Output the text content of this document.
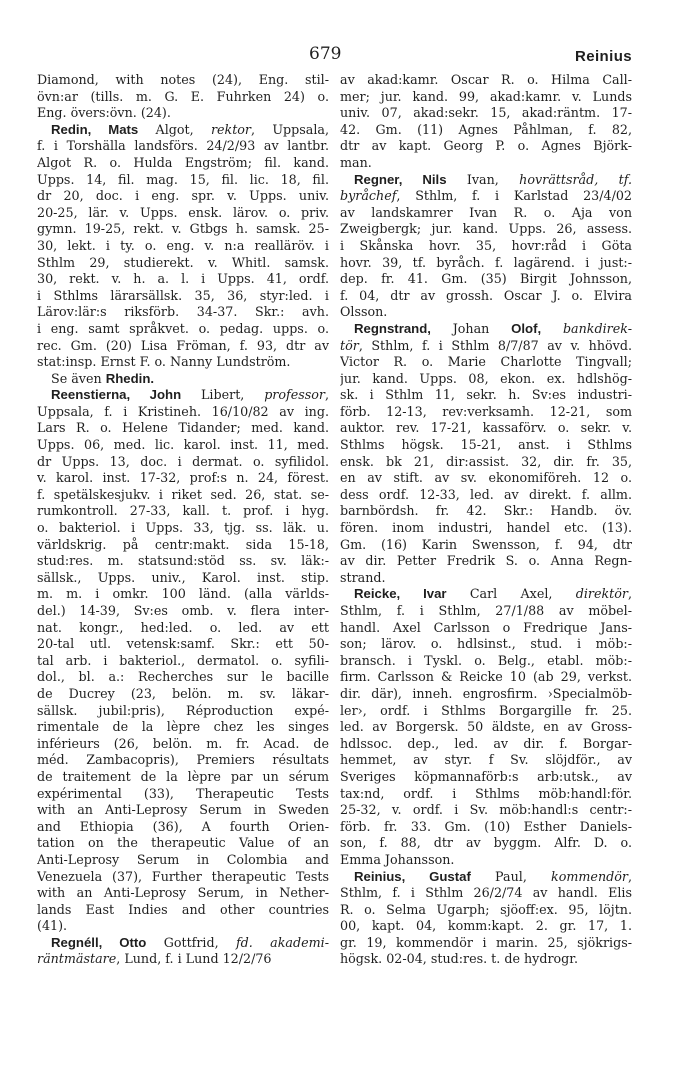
679	Reinius
Diamond, with notes (24), Eng. stil-
övn:ar (tills. m. G. E. Fuhrken 24) o.
Eng. övers:övn. (24).
Redin, Mats Algot, rektor, Uppsala,
f. i Torshälla landsförs. 24/2/93 av lantbr.
Algot R. o. Hulda Engström; fil. kand.
Upps. 14, fil. mag. 15, fil. lic. 18, fil.
dr 20, doc. i eng. spr. v. Upps. univ.
20-25, lär. v. Upps. ensk. lärov. o. priv.
gymn. 19-25, rekt. v. Gtbgs h. samsk. 25-
30, lekt. i ty. o. eng. v. n:a realläröv. i
Sthlm 29, studierekt. v. Whitl. samsk.
30, rekt. v. h. a. l. i Upps. 41, ordf.
i Sthlms lärarsällsk. 35, 36, styr:led. i
Lärov:lär:s riksförb. 34-37. Skr.: avh.
i eng. samt språkvet. o. pedag. upps. o.
rec. Gm. (20) Lisa Fröman, f. 93, dtr av
stat:insp. Ernst F. o. Nanny Lundström.
Se även Rhedin.
Reenstierna, John Libert, professor,
Uppsala, f. i Kristineh. 16/10/82 av ing.
Lars R. o. Helene Tidander; med. kand.
Upps. 06, med. lic. karol. inst. 11, med.
dr Upps. 13, doc. i dermat. o. syfilidol.
v. karol. inst. 17-32, prof:s n. 24, förest.
f. spetälskesjukv. i riket sed. 26, stat. se-
rumkontroll. 27-33, kall. t. prof. i hyg.
o. bakteriol. i Upps. 33, tjg. ss. läk. u.
världskrig. på centr:makt. sida 15-18,
stud:res. m. statsund:stöd ss. sv. läk:-
sällsk., Upps. univ., Karol. inst. stip.
m. m. i omkr. 100 länd. (alla världs-
del.) 14-39, Sv:es omb. v. flera inter-
nat. kongr., hed:led. o. led. av ett
20-tal utl. vetensk:samf. Skr.: ett 50-
tal arb. i bakteriol., dermatol. o. syfili-
dol., bl. a.: Recherches sur le bacille
de Ducrey (23, belön. m. sv. läkar-
sällsk. jubil:pris), Réproduction expé-
rimentale de la lèpre chez les singes
inférieurs (26, belön. m. fr. Acad. de
méd. Zambacopris), Premiers résultats
de traitement de la lèpre par un sérum
expérimental (33), Therapeutic Tests
with an Anti-Leprosy Serum in Sweden
and Ethiopia (36), A fourth Orien-
tation on the therapeutic Value of an
Anti-Leprosy Serum in Colombia and
Venezuela (37), Further therapeutic Tests
with an Anti-Leprosy Serum, in Nether-
lands East Indies and other countries
(41).
Regnéll, Otto Gottfrid, fd. akademi-
räntmästare, Lund, f. i Lund 12/2/76
av akad:kamr. Oscar R. o. Hilma Call-
mer; jur. kand. 99, akad:kamr. v. Lunds
univ. 07, akad:sekr. 15, akad:räntm. 17-
42. Gm. (11) Agnes Påhlman, f. 82,
dtr av kapt. Georg P. o. Agnes Björk-
man.
Regner, Nils Ivan, hovrättsråd, tf.
byråchef, Sthlm, f. i Karlstad 23/4/02
av landskamrer Ivan R. o. Aja von
Zweigbergk; jur. kand. Upps. 26, assess.
i Skånska hovr. 35, hovr:råd i Göta
hovr. 39, tf. byråch. f. lagärend. i just:-
dep. fr. 41. Gm. (35) Birgit Johnsson,
f. 04, dtr av grossh. Oscar J. o. Elvira
Olsson.
Regnstrand, Johan Olof, bankdirek-
tör, Sthlm, f. i Sthlm 8/7/87 av v. hhövd.
Victor R. o. Marie Charlotte Tingvall;
jur. kand. Upps. 08, ekon. ex. hdlshög-
sk. i Sthlm 11, sekr. h. Sv:es industri-
förb. 12-13, rev:verksamh. 12-21, som
auktor. rev. 17-21, kassaförv. o. sekr. v.
Sthlms högsk. 15-21, anst. i Sthlms
ensk. bk 21, dir:assist. 32, dir. fr. 35,
en av stift. av sv. ekonomiföreh. 12 o.
dess ordf. 12-33, led. av direkt. f. allm.
barnbördsh. fr. 42. Skr.: Handb. öv.
fören. inom industri, handel etc. (13).
Gm. (16) Karin Swensson, f. 94, dtr
av dir. Petter Fredrik S. o. Anna Regn-
strand.
Reicke, Ivar Carl Axel, direktör,
Sthlm, f. i Sthlm, 27/1/88 av möbel-
handl. Axel Carlsson o Fredrique Jans-
son; lärov. o. hdlsinst., stud. i möb:-
bransch. i Tyskl. o. Belg., etabl. möb:-
firm. Carlsson & Reicke 10 (ab 29, verkst.
dir. där), inneh. engrosfirm. ›Specialmöb-
ler›, ordf. i Sthlms Borgargille fr. 25.
led. av Borgersk. 50 äldste, en av Gross-
hdlssoc. dep., led. av dir. f. Borgar-
hemmet, av styr. f Sv. slöjdför., av
Sveriges köpmannaförb:s arb:utsk., av
tax:nd, ordf. i Sthlms möb:handl:för.
25-32, v. ordf. i Sv. möb:handl:s centr:-
förb. fr. 33. Gm. (10) Esther Daniels-
son, f. 88, dtr av byggm. Alfr. D. o.
Emma Johansson.
Reinius, Gustaf Paul, kommendör,
Sthlm, f. i Sthlm 26/2/74 av handl. Elis
R. o. Selma Ugarph; sjöoff:ex. 95, löjtn.
00, kapt. 04, komm:kapt. 2. gr. 17, 1.
gr. 19, kommendör i marin. 25, sjökrigs-
högsk. 02-04, stud:res. t. de hydrogr.
